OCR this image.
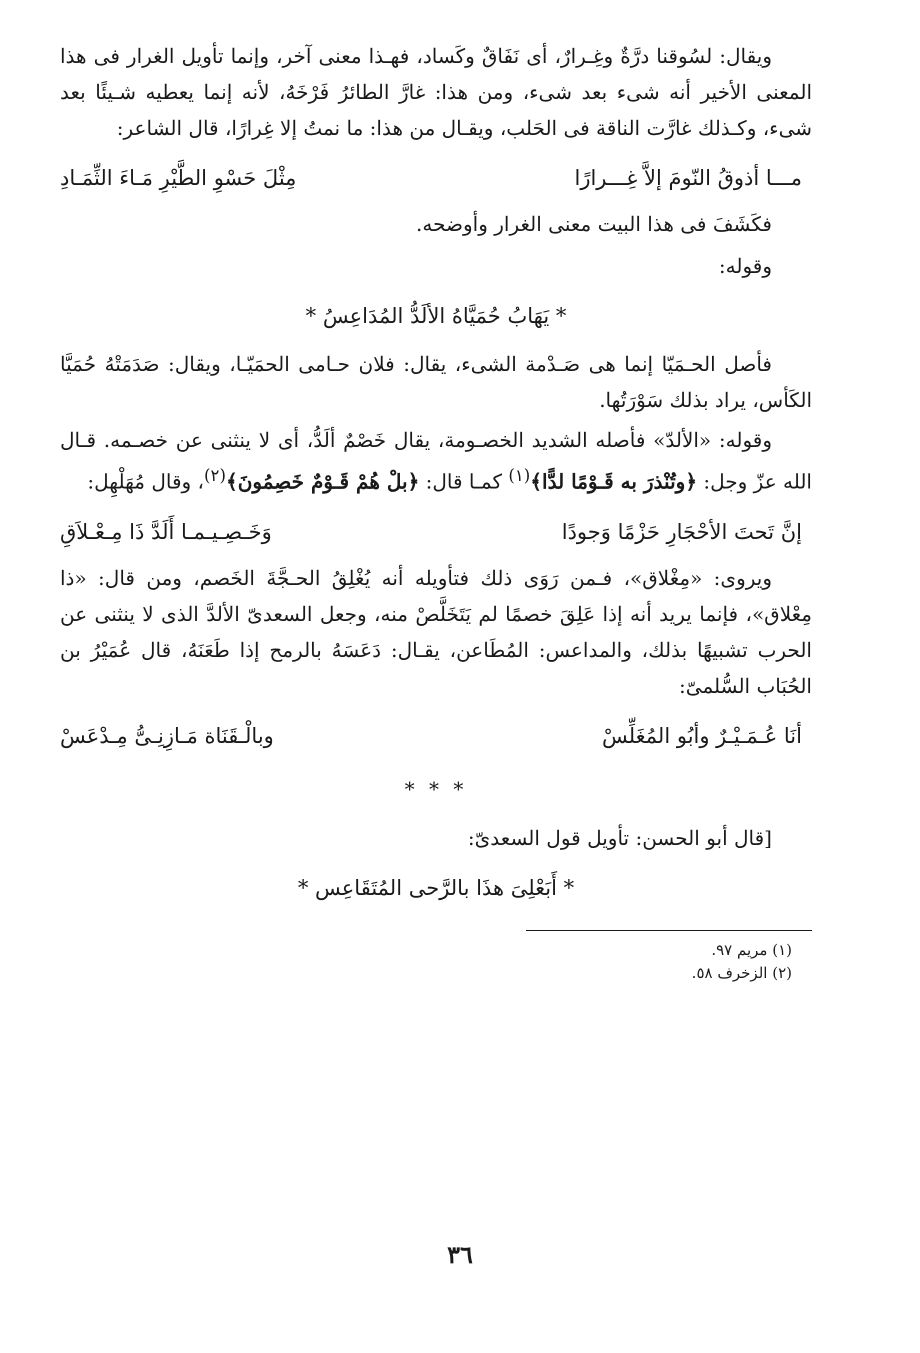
ويقال: لسُوقنا درَّةٌ وغِـرارٌ، أى نَفَاقٌ وكَساد، فهـذا معنى آخر، وإنما تأويل الغرار فى هذا المعنى الأخير أنه شىء بعد شىء، ومن هذا: غارَّ الطائرُ فَرْخَهُ، لأنه إنما يعطيه شـيئًا بعد شىء، وكـذلك غارَّت الناقة فى الحَلب، ويقـال من هذا: ما نمتُ إلا غِرارًا، قال الشاعر:

مـــا أذوقُ النّومَ إلاَّ غِـــرارًا
مِثْلَ حَسْوِ الطَّيْرِ مَـاءَ الثِّمَـادِ

فكَشَفَ فى هذا البيت معنى الغرار وأوضحه.

وقوله:

* يَهَابُ حُمَيَّاهُ الألَدُّ المُدَاعِسُ *

فأصل الحـمَيّا إنما هى صَـدْمة الشىء، يقال: فلان حـامى الحمَيّـا، ويقال: صَدَمَتْهُ حُمَيَّا الكَأس، يراد بذلك سَوْرَتُها.

وقوله: «الألدّ» فأصله الشديد الخصـومة، يقال خَصْمٌ ألَدُّ، أى لا ينثنى عن خصـمه. قـال الله عزّ وجل: ﴿وتُنْذرَ به قَـوْمًا لدًّا﴾$^{(١)}$ كمـا قال: ﴿بلْ هُمْ قَـوْمٌ خَصِمُونَ﴾$^{(٢)}$، وقال مُهَلْهِل:

إنَّ تَحتَ الأحْجَارِ حَزْمًا وَجودًا
وَخَـصِـيـمـا أَلَدَّ ذَا مِـعْـلاَقِ

ويروى: «مِغْلاق»، فـمن رَوَى ذلك فتأويله أنه يُغْلِقُ الحـجَّةَ الخَصم، ومن قال: «ذا مِعْلاق»، فإنما يريد أنه إذا عَلِقَ خصمًا لم يَتَخَلَّصْ منه، وجعل السعدىّ الألدَّ الذى لا ينثنى عن الحرب تشبيهًا بذلك، والمداعس: المُطَاعن، يقـال: دَعَسَهُ بالرمح إذا طَعَنَهُ، قال عُمَيْرُ بن الحُبَاب السُّلمىّ:

أنَا عُـمَـيْـرٌ وأبُو المُغَلِّسْ
وبالْـقَنَاة مَـازِنِـىُّ مِـدْعَسْ
* * *

[قال أبو الحسن: تأويل قول السعدىّ:

* أَبَعْلِىَ هذَا بالرَّحى المُتَقَاعِس *
(١) مريم ٩٧.
(٢) الزخرف ٥٨.
٣٦
